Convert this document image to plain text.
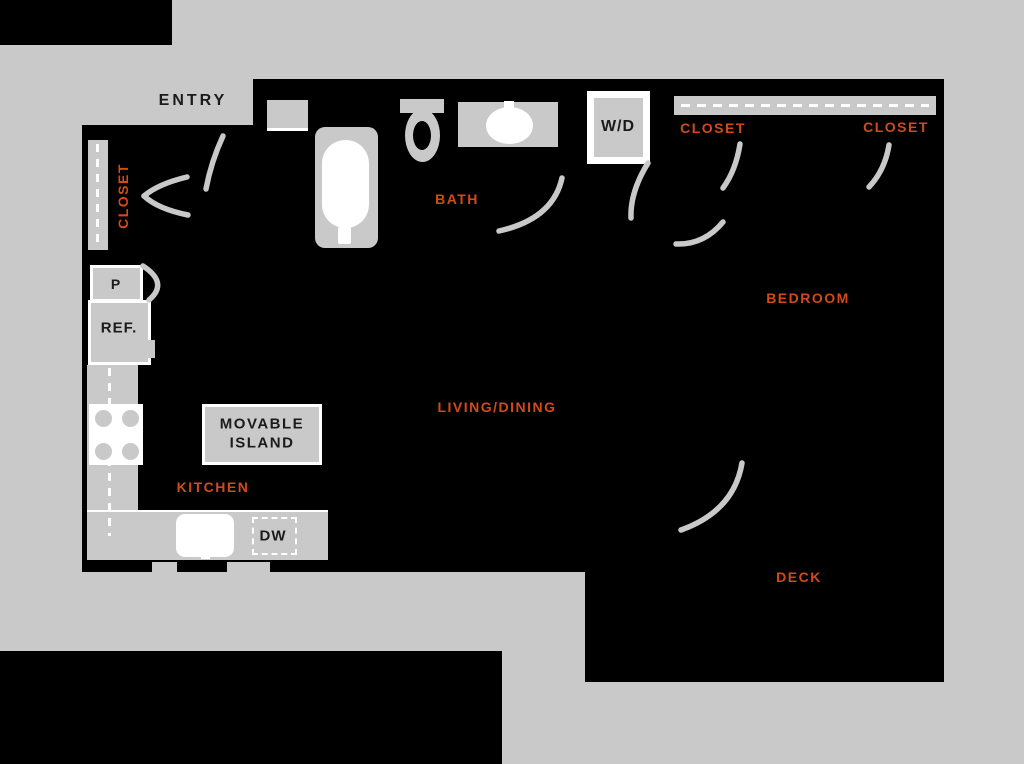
ENTRY
CLOSET	BATH
W/D	CLOSET	CLOSET
BEDROOM
LIVING/DINING
KITCHEN
DECK
P
REF.
DW
MOVABLE ISLAND
